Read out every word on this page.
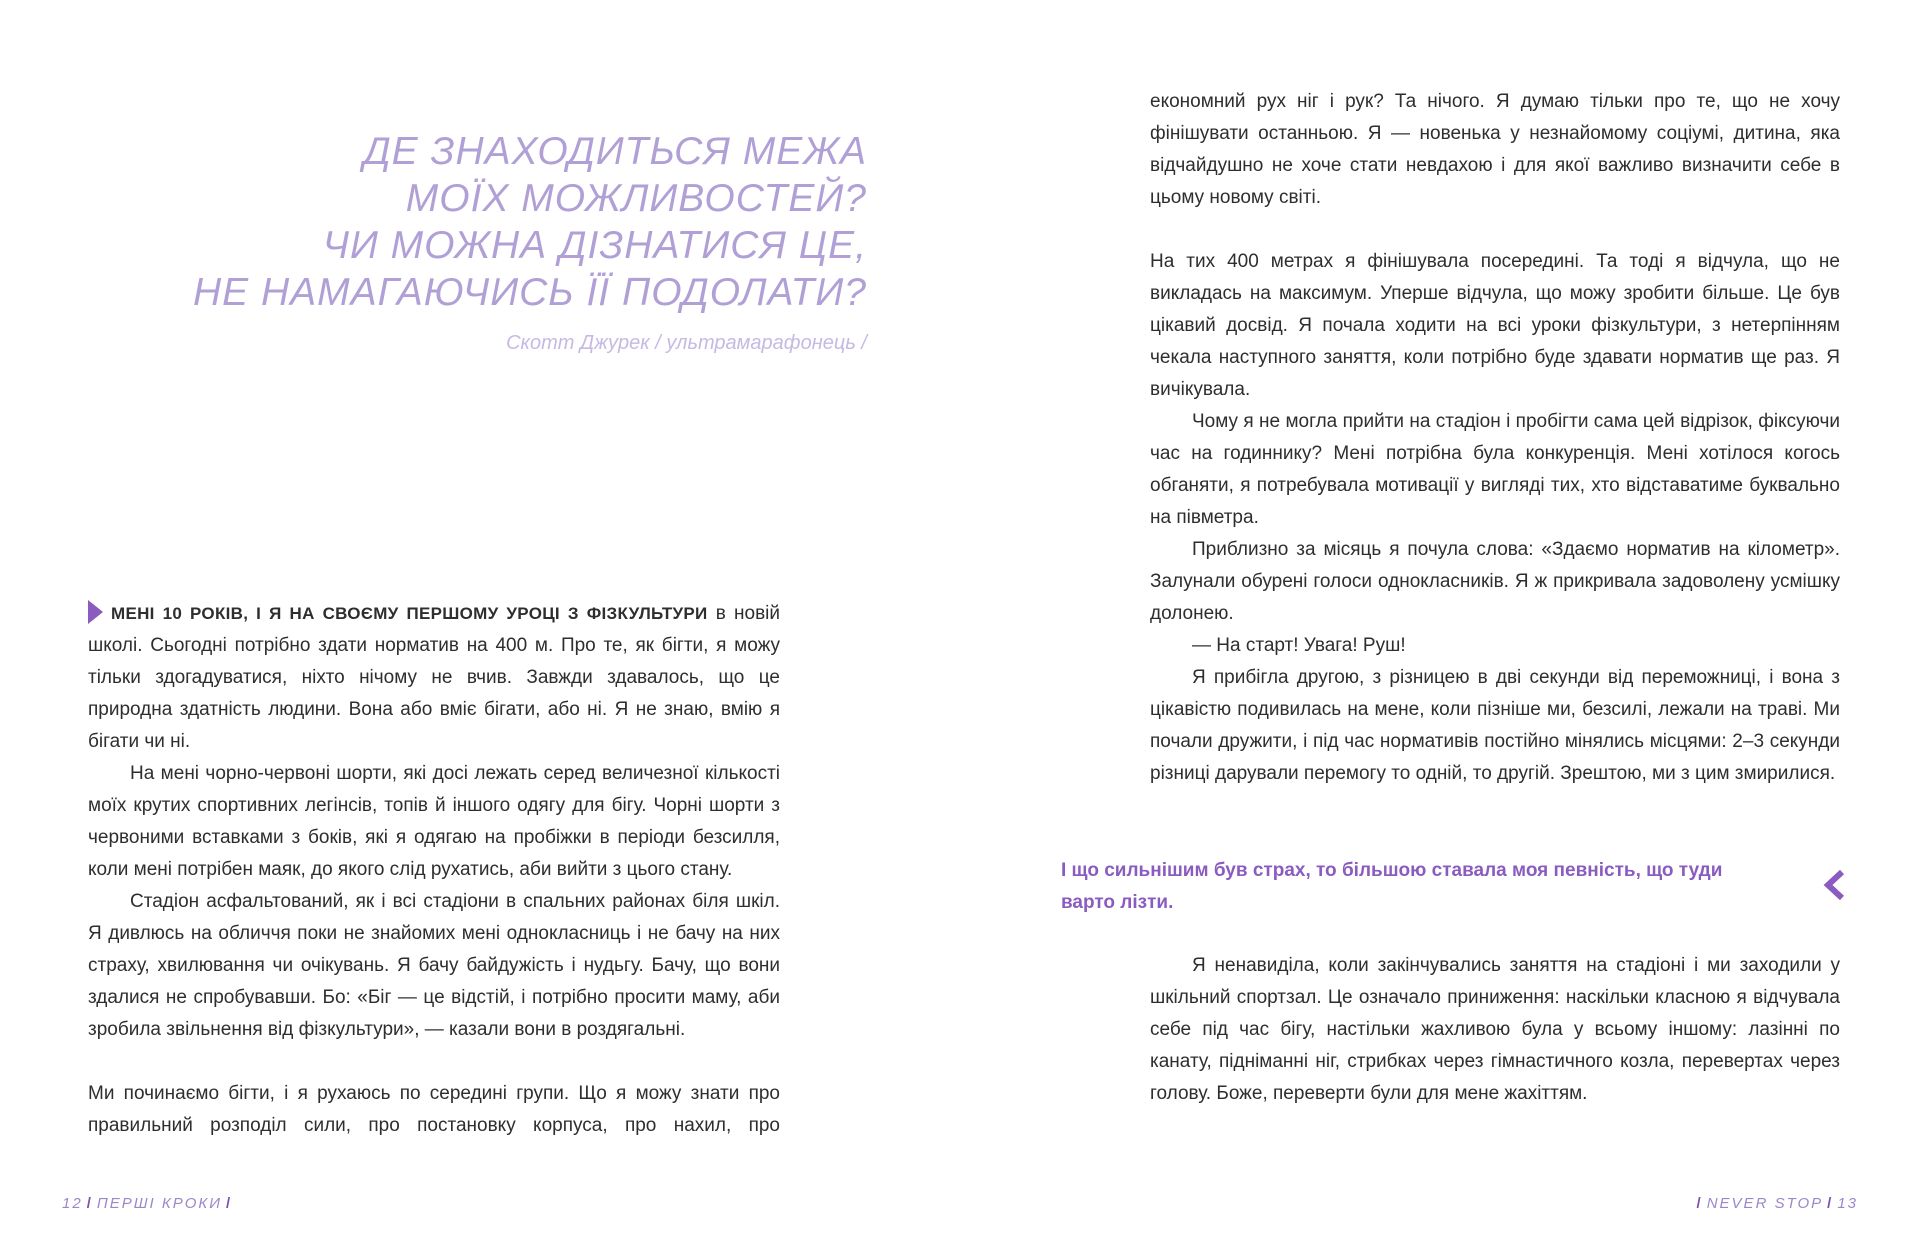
ДЕ ЗНАХОДИТЬСЯ МЕЖА
МОЇХ МОЖЛИВОСТЕЙ?
ЧИ МОЖНА ДІЗНАТИСЯ ЦЕ,
НЕ НАМАГАЮЧИСЬ ЇЇ ПОДОЛАТИ?
Скотт Джурек / ультрамарафонець /

МЕНІ 10 РОКІВ, І Я НА СВОЄМУ ПЕРШОМУ УРОЦІ З ФІЗКУЛЬТУРИ в новій школі. Сьогодні потрібно здати норматив на 400 м. Про те, як бігти, я можу тільки здогадуватися, ніхто нічому не вчив. Завжди здавалось, що це природна здатність людини. Вона або вміє бігати, або ні. Я не знаю, вмію я бігати чи ні.

На мені чорно-червоні шорти, які досі лежать серед величезної кількості моїх крутих спортивних легінсів, топів й іншого одягу для бігу. Чорні шорти з червоними вставками з боків, які я одягаю на пробіжки в періоди безсилля, коли мені потрібен маяк, до якого слід рухатись, аби вийти з цього стану.

Стадіон асфальтований, як і всі стадіони в спальних районах біля шкіл. Я дивлюсь на обличчя поки не знайомих мені однокласниць і не бачу на них страху, хвилювання чи очікувань. Я бачу байдужість і нудьгу. Бачу, що вони здалися не спробувавши. Бо: «Біг — це відстій, і потрібно просити маму, аби зробила звільнення від фізкультури», — казали вони в роздягальні.

Ми починаємо бігти, і я рухаюсь по середині групи. Що я можу знати про правильний розподіл сили, про постановку корпуса, про нахил, про

12 / ПЕРШІ КРОКИ /

економний рух ніг і рук? Та нічого. Я думаю тільки про те, що не хочу фінішувати останньою. Я — новенька у незнайомому соціумі, дитина, яка відчайдушно не хоче стати невдахою і для якої важливо визначити себе в цьому новому світі.

На тих 400 метрах я фінішувала посередині. Та тоді я відчула, що не викладась на максимум. Уперше відчула, що можу зробити більше. Це був цікавий досвід. Я почала ходити на всі уроки фізкультури, з нетерпінням чекала наступного заняття, коли потрібно буде здавати норматив ще раз. Я вичікувала.

Чому я не могла прийти на стадіон і пробігти сама цей відрізок, фіксуючи час на годиннику? Мені потрібна була конкуренція. Мені хотілося когось обганяти, я потребувала мотивації у вигляді тих, хто відставатиме буквально на півметра.

Приблизно за місяць я почула слова: «Здаємо норматив на кілометр». Залунали обурені голоси однокласників. Я ж прикривала задоволену усмішку долонею.

— На старт! Увага! Руш!

Я прибігла другою, з різницею в дві секунди від переможниці, і вона з цікавістю подивилась на мене, коли пізніше ми, безсилі, лежали на траві. Ми почали дружити, і під час нормативів постійно мінялись місцями: 2–3 секунди різниці дарували перемогу то одній, то другій. Зрештою, ми з цим змирилися.

І що сильнішим був страх, то більшою ставала моя певність, що туди

варто лізти.

Я ненавиділа, коли закінчувались заняття на стадіоні і ми заходили у шкільний спортзал. Це означало приниження: наскільки класною я відчувала себе під час бігу, настільки жахливою була у всьому іншому: лазінні по канату, підніманні ніг, стрибках через гімнастичного козла, перевертах через голову. Боже, переверти були для мене жахіттям.

/ NEVER STOP / 13
